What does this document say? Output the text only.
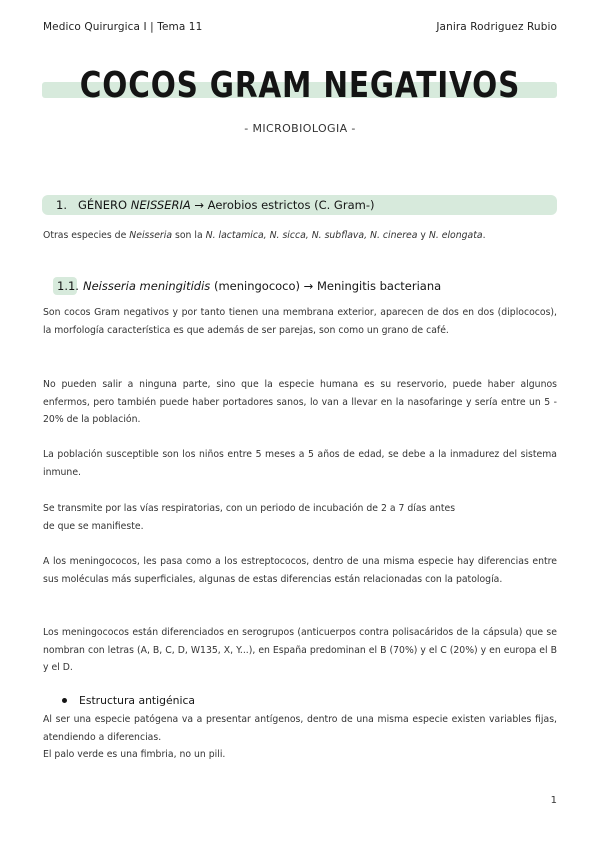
Medico Quirurgica I | Tema 11	Janira Rodriguez Rubio
COCOS GRAM NEGATIVOS
- MICROBIOLOGIA -
1. GÉNERO NEISSERIA → Aerobios estrictos (C. Gram-)
Otras especies de Neisseria son la N. lactamica, N. sicca, N. subflava, N. cinerea y N. elongata.
1.1. Neisseria meningitidis (meningococo) → Meningitis bacteriana
Son cocos Gram negativos y por tanto tienen una membrana exterior, aparecen de dos en dos (diplococos), la morfología característica es que además de ser parejas, son como un grano de café.
No pueden salir a ninguna parte, sino que la especie humana es su reservorio, puede haber algunos enfermos, pero también puede haber portadores sanos, lo van a llevar en la nasofaringe y sería entre un 5 - 20% de la población.
La población susceptible son los niños entre 5 meses a 5 años de edad, se debe a la inmadurez del sistema inmune.
Se transmite por las vías respiratorias, con un periodo de incubación de 2 a 7 días antes
de que se manifieste.
A los meningococos, les pasa como a los estreptococos, dentro de una misma especie hay diferencias entre sus moléculas más superficiales, algunas de estas diferencias están relacionadas con la patología.
Los meningococos están diferenciados en serogrupos (anticuerpos contra polisacáridos de la cápsula) que se nombran con letras (A, B, C, D, W135, X, Y...), en España predominan el B (70%) y el C (20%) y en europa el B y el D.
Estructura antigénica
Al ser una especie patógena va a presentar antígenos, dentro de una misma especie existen variables fijas, atendiendo a diferencias.
El palo verde es una fimbria, no un pili.
1
